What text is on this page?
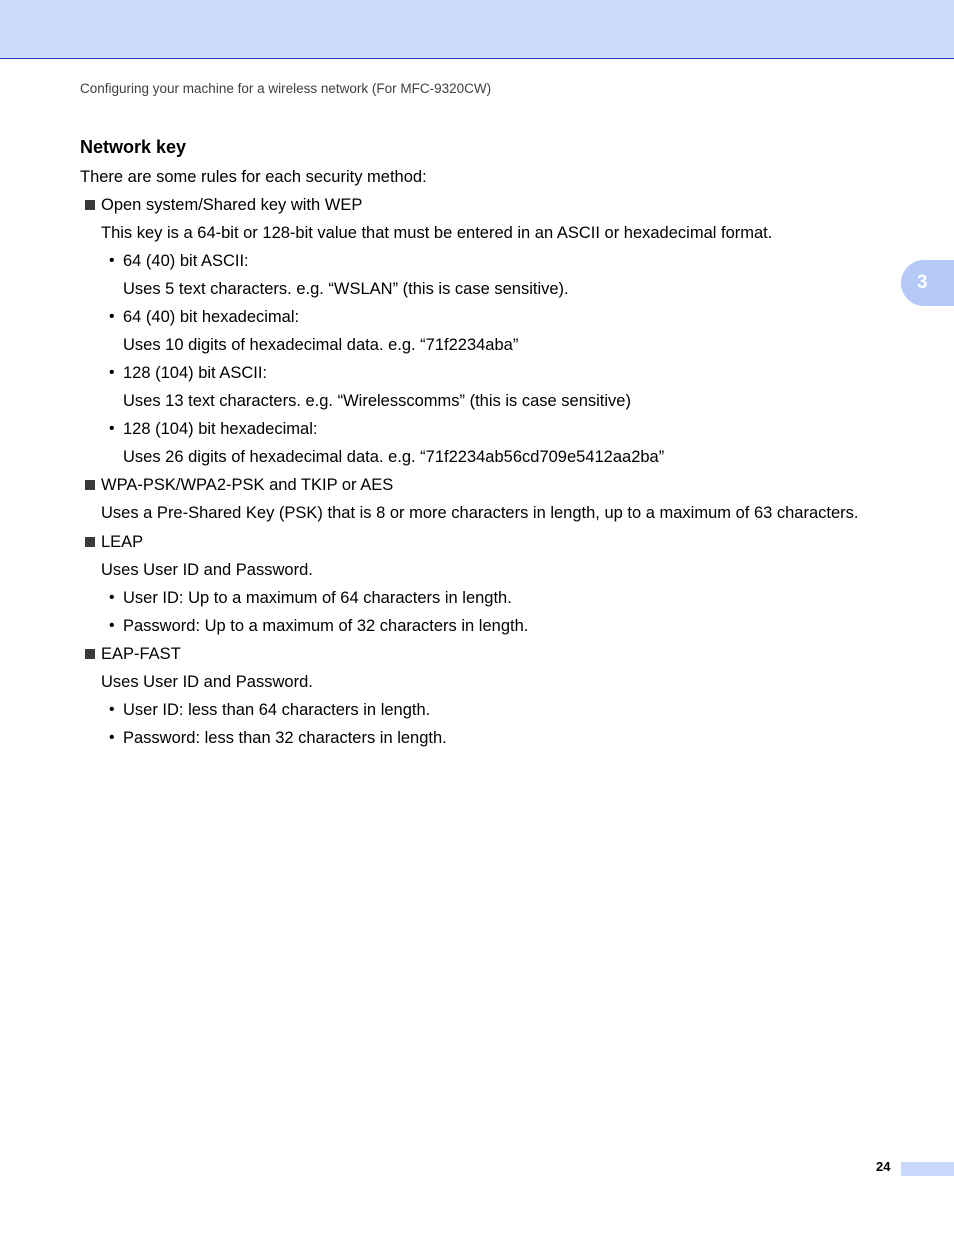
Configuring your machine for a wireless network (For MFC-9320CW)
3
Network key
There are some rules for each security method:
Open system/Shared key with WEP
This key is a 64-bit or 128-bit value that must be entered in an ASCII or hexadecimal format.
• 64 (40) bit ASCII:
Uses 5 text characters. e.g. “WSLAN” (this is case sensitive).
• 64 (40) bit hexadecimal:
Uses 10 digits of hexadecimal data. e.g. “71f2234aba”
• 128 (104) bit ASCII:
Uses 13 text characters. e.g. “Wirelesscomms” (this is case sensitive)
• 128 (104) bit hexadecimal:
Uses 26 digits of hexadecimal data. e.g. “71f2234ab56cd709e5412aa2ba”
WPA-PSK/WPA2-PSK and TKIP or AES
Uses a Pre-Shared Key (PSK) that is 8 or more characters in length, up to a maximum of 63 characters.
LEAP
Uses User ID and Password.
• User ID: Up to a maximum of 64 characters in length.
• Password: Up to a maximum of 32 characters in length.
EAP-FAST
Uses User ID and Password.
• User ID: less than 64 characters in length.
• Password: less than 32 characters in length.
24
